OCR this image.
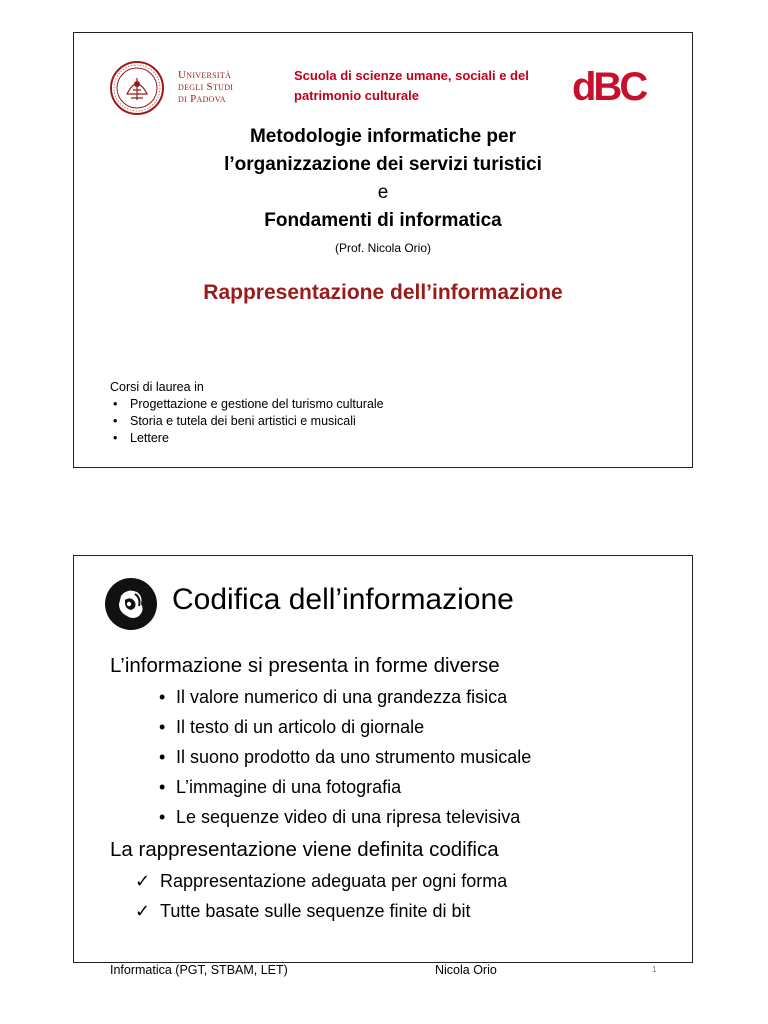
Università
degli Studi
di Padova
Scuola di scienze umane, sociali e del patrimonio culturale	dBC
Metodologie informatiche per
l’organizzazione dei servizi turistici
e
Fondamenti di informatica
(Prof. Nicola Orio)
Rappresentazione dell’informazione
Corsi di laurea in
• Progettazione e gestione del turismo culturale
• Storia e tutela dei beni artistici e musicali
• Lettere
Codifica dell’informazione
L’informazione si presenta in forme diverse
• Il valore numerico di una grandezza fisica
• Il testo di un articolo di giornale
• Il suono prodotto da uno strumento musicale
• L’immagine di una fotografia
• Le sequenze video di una ripresa televisiva
La rappresentazione viene definita codifica
✓ Rappresentazione adeguata per ogni forma
✓ Tutte basate sulle sequenze finite di bit
Informatica (PGT, STBAM, LET)	Nicola Orio	1
